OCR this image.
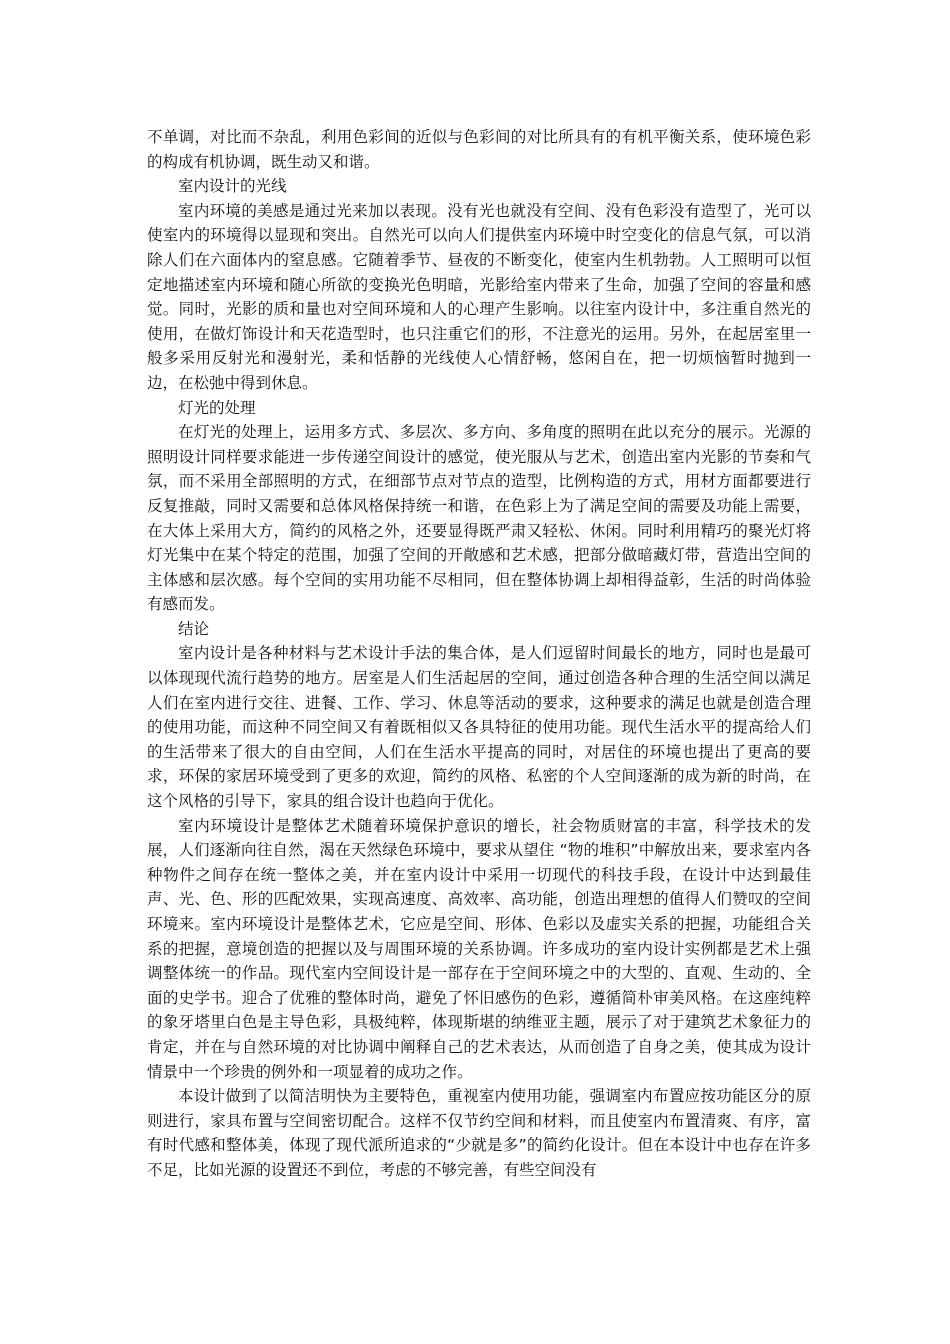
不单调，对比而不杂乱，利用色彩间的近似与色彩间的对比所具有的有机平衡关系，使环境色彩的构成有机协调，既生动又和谐。

室内设计的光线

室内环境的美感是通过光来加以表现。没有光也就没有空间、没有色彩没有造型了，光可以使室内的环境得以显现和突出。自然光可以向人们提供室内环境中时空变化的信息气氛，可以消除人们在六面体内的窒息感。它随着季节、昼夜的不断变化，使室内生机勃勃。人工照明可以恒定地描述室内环境和随心所欲的变换光色明暗，光影给室内带来了生命，加强了空间的容量和感觉。同时，光影的质和量也对空间环境和人的心理产生影响。以往室内设计中，多注重自然光的使用，在做灯饰设计和天花造型时，也只注重它们的形，不注意光的运用。另外，在起居室里一般多采用反射光和漫射光，柔和恬静的光线使人心情舒畅，悠闲自在，把一切烦恼暂时抛到一边，在松弛中得到休息。

灯光的处理

在灯光的处理上，运用多方式、多层次、多方向、多角度的照明在此以充分的展示。光源的照明设计同样要求能进一步传递空间设计的感觉，使光服从与艺术，创造出室内光影的节奏和气氛，而不采用全部照明的方式，在细部节点对节点的造型，比例构造的方式，用材方面都要进行反复推敲，同时又需要和总体风格保持统一和谐，在色彩上为了满足空间的需要及功能上需要，在大体上采用大方，简约的风格之外，还要显得既严肃又轻松、休闲。同时利用精巧的聚光灯将灯光集中在某个特定的范围，加强了空间的开敞感和艺术感，把部分做暗藏灯带，营造出空间的主体感和层次感。每个空间的实用功能不尽相同，但在整体协调上却相得益彰，生活的时尚体验有感而发。

结论

室内设计是各种材料与艺术设计手法的集合体，是人们逗留时间最长的地方，同时也是最可以体现现代流行趋势的地方。居室是人们生活起居的空间，通过创造各种合理的生活空间以满足人们在室内进行交往、进餐、工作、学习、休息等活动的要求，这种要求的满足也就是创造合理的使用功能，而这种不同空间又有着既相似又各具特征的使用功能。现代生活水平的提高给人们的生活带来了很大的自由空间，人们在生活水平提高的同时，对居住的环境也提出了更高的要求，环保的家居环境受到了更多的欢迎，简约的风格、私密的个人空间逐渐的成为新的时尚，在这个风格的引导下，家具的组合设计也趋向于优化。

室内环境设计是整体艺术随着环境保护意识的增长，社会物质财富的丰富，科学技术的发展，人们逐渐向往自然，渴在天然绿色环境中，要求从望住 “物的堆积”中解放出来，要求室内各种物件之间存在统一整体之美，并在室内设计中采用一切现代的科技手段，在设计中达到最佳声、光、色、形的匹配效果，实现高速度、高效率、高功能，创造出理想的值得人们赞叹的空间环境来。室内环境设计是整体艺术，它应是空间、形体、色彩以及虚实关系的把握，功能组合关系的把握，意境创造的把握以及与周围环境的关系协调。许多成功的室内设计实例都是艺术上强调整体统一的作品。现代室内空间设计是一部存在于空间环境之中的大型的、直观、生动的、全面的史学书。迎合了优雅的整体时尚，避免了怀旧感伤的色彩，遵循简朴审美风格。在这座纯粹的象牙塔里白色是主导色彩，具极纯粹，体现斯堪的纳维亚主题，展示了对于建筑艺术象征力的肯定，并在与自然环境的对比协调中阐释自己的艺术表达，从而创造了自身之美，使其成为设计情景中一个珍贵的例外和一项显着的成功之作。

本设计做到了以简洁明快为主要特色，重视室内使用功能，强调室内布置应按功能区分的原则进行，家具布置与空间密切配合。这样不仅节约空间和材料，而且使室内布置清爽、有序，富有时代感和整体美，体现了现代派所追求的“少就是多”的简约化设计。但在本设计中也存在许多不足，比如光源的设置还不到位，考虑的不够完善，有些空间没有
